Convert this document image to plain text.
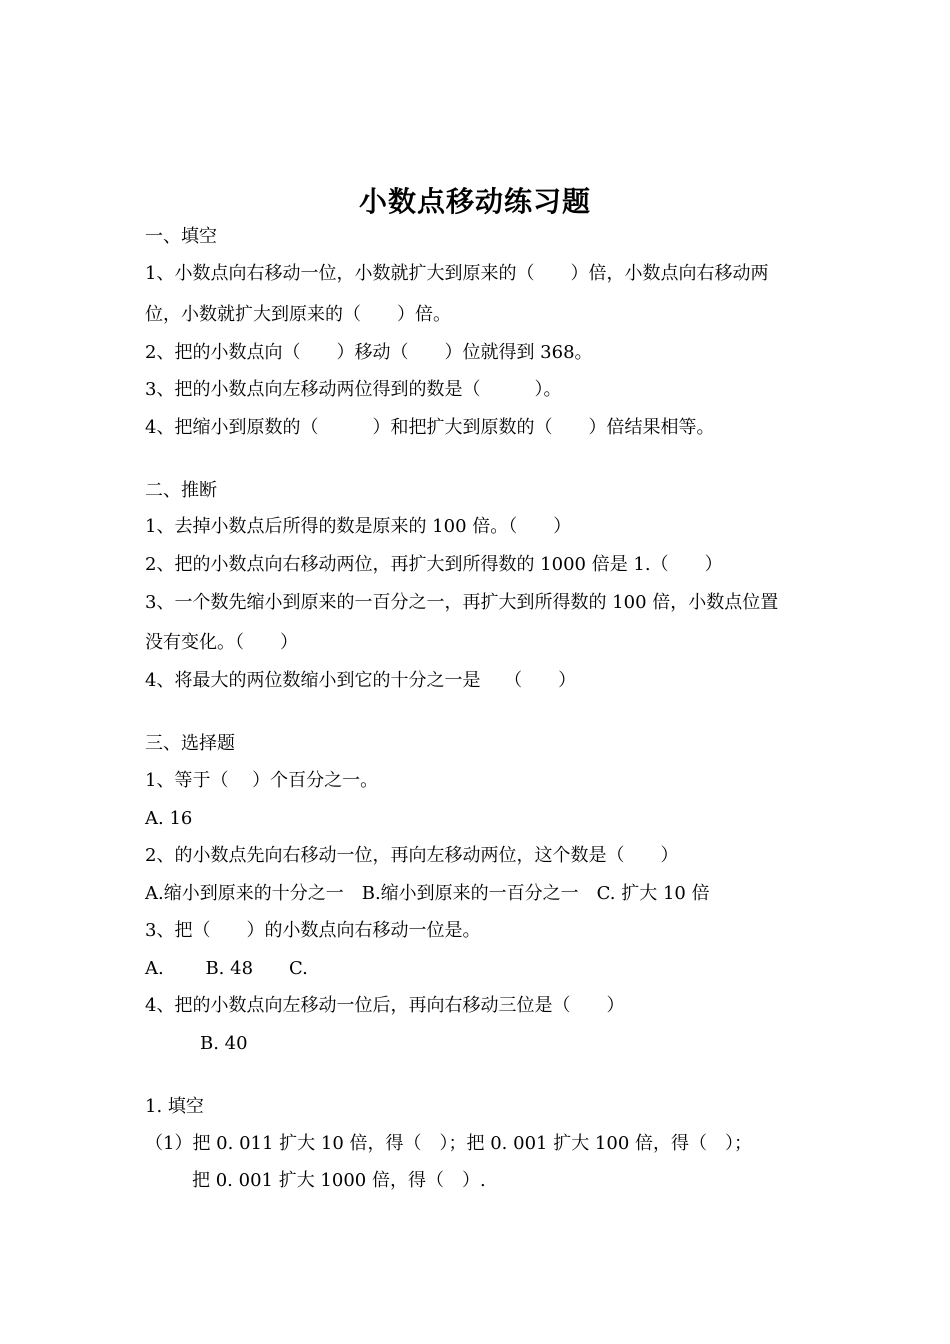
小数点移动练习题
一、填空
1、小数点向右移动一位，小数就扩大到原来的（　　）倍，小数点向右移动两
位，小数就扩大到原来的（　　）倍。
2、把的小数点向（　　）移动（　　）位就得到 368。
3、把的小数点向左移动两位得到的数是（　　　）。
4、把缩小到原数的（　　　）和把扩大到原数的（　　）倍结果相等。
二、推断
1、去掉小数点后所得的数是原来的 100 倍。（　　）
2、把的小数点向右移动两位，再扩大到所得数的 1000 倍是 1.（　　）
3、一个数先缩小到原来的一百分之一，再扩大到所得数的 100 倍，小数点位置
没有变化。（　　）
4、将最大的两位数缩小到它的十分之一是　 （　　）
三、选择题
1、等于（　 ）个百分之一。
A. 16
2、的小数点先向右移动一位，再向左移动两位，这个数是（　　）
A.缩小到原来的十分之一　B.缩小到原来的一百分之一　C. 扩大 10 倍
3、把（　　）的小数点向右移动一位是。
A.　　 B. 48　　C.
4、把的小数点向左移动一位后，再向右移动三位是（　　）
B. 40
1. 填空
（1）把 0. 011 扩大 10 倍，得（　）；把 0. 001 扩大 100 倍，得（　）；
把 0. 001 扩大 1000 倍，得（　）.
